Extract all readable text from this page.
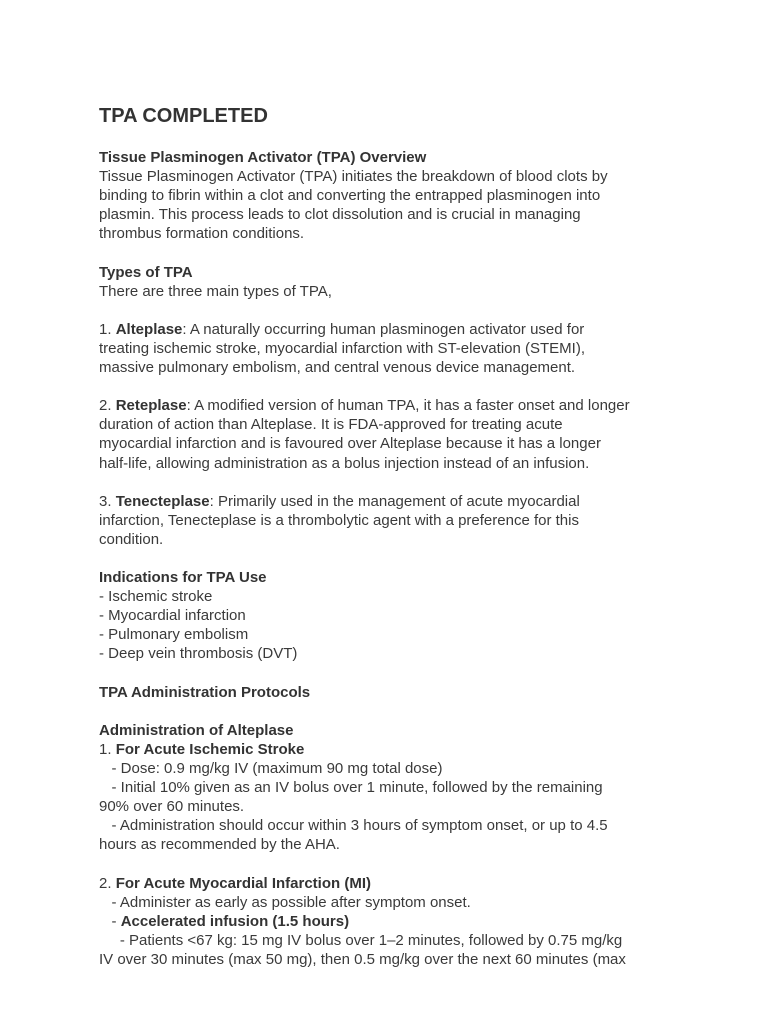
TPA COMPLETED
Tissue Plasminogen Activator (TPA) Overview
Tissue Plasminogen Activator (TPA) initiates the breakdown of blood clots by
binding to fibrin within a clot and converting the entrapped plasminogen into
plasmin. This process leads to clot dissolution and is crucial in managing
thrombus formation conditions.
Types of TPA
There are three main types of TPA,
1. Alteplase: A naturally occurring human plasminogen activator used for
treating ischemic stroke, myocardial infarction with ST-elevation (STEMI),
massive pulmonary embolism, and central venous device management.
2. Reteplase: A modified version of human TPA, it has a faster onset and longer
duration of action than Alteplase. It is FDA-approved for treating acute
myocardial infarction and is favoured over Alteplase because it has a longer
half-life, allowing administration as a bolus injection instead of an infusion.
3. Tenecteplase: Primarily used in the management of acute myocardial
infarction, Tenecteplase is a thrombolytic agent with a preference for this
condition.
Indications for TPA Use
- Ischemic stroke
- Myocardial infarction
- Pulmonary embolism
- Deep vein thrombosis (DVT)
TPA Administration Protocols
Administration of Alteplase
1. For Acute Ischemic Stroke
- Dose: 0.9 mg/kg IV (maximum 90 mg total dose)
- Initial 10% given as an IV bolus over 1 minute, followed by the remaining
90% over 60 minutes.
- Administration should occur within 3 hours of symptom onset, or up to 4.5
hours as recommended by the AHA.
2. For Acute Myocardial Infarction (MI)
- Administer as early as possible after symptom onset.
- Accelerated infusion (1.5 hours)
- Patients <67 kg: 15 mg IV bolus over 1–2 minutes, followed by 0.75 mg/kg
IV over 30 minutes (max 50 mg), then 0.5 mg/kg over the next 60 minutes (max
